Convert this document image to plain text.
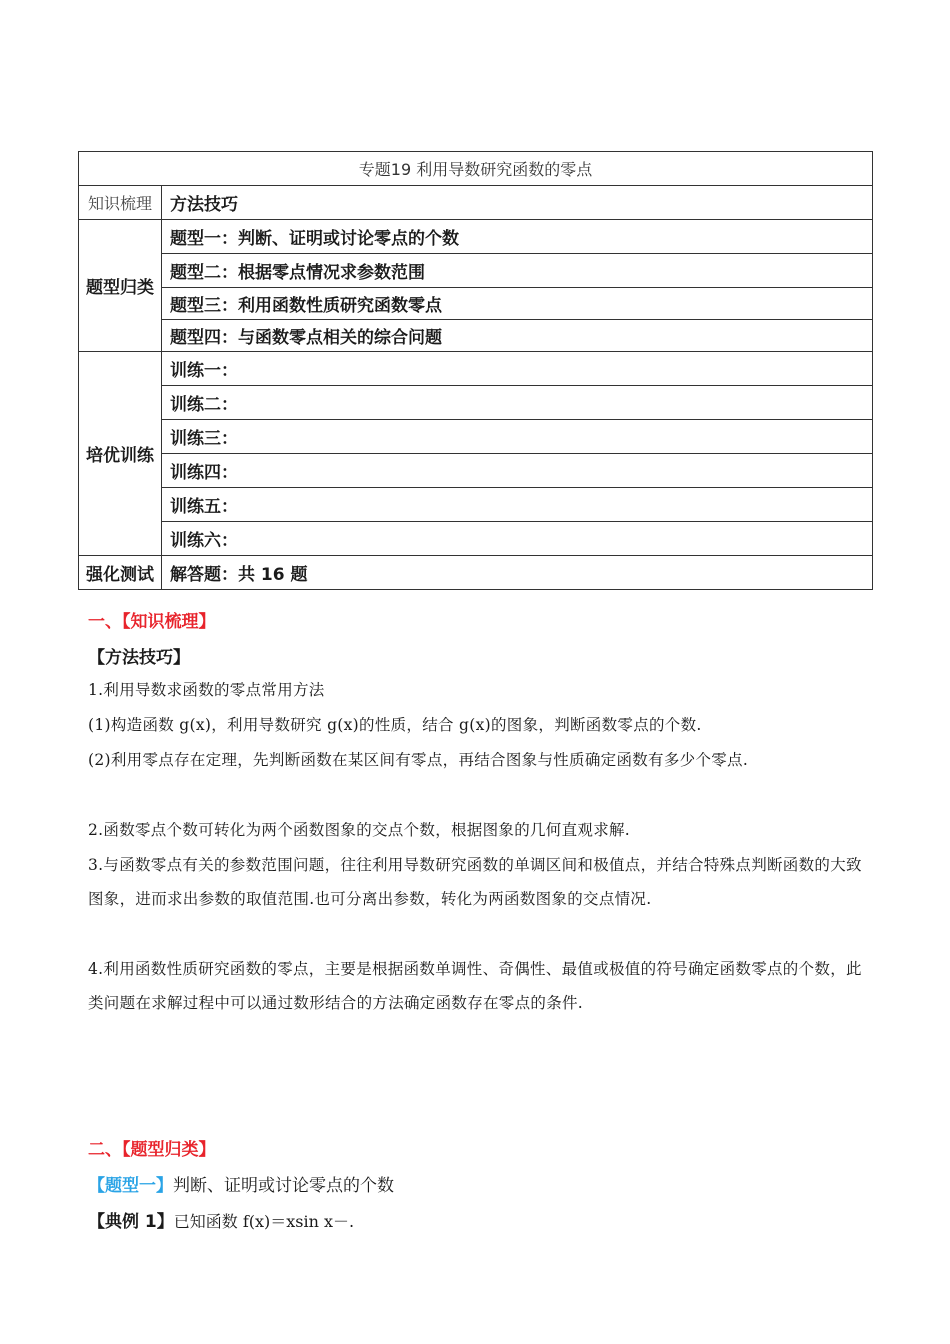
专题19 利用导数研究函数的零点	
知识梳理	方法技巧
题型归类	题型一：判断、证明或讨论零点的个数
	题型二：根据零点情况求参数范围
	题型三：利用函数性质研究函数零点
	题型四：与函数零点相关的综合问题
培优训练	训练一：
	训练二：
	训练三：
	训练四：
	训练五：
	训练六：
强化测试	解答题：共 16 题
一、【知识梳理】
【方法技巧】
1.利用导数求函数的零点常用方法
(1)构造函数 g(x)，利用导数研究 g(x)的性质，结合 g(x)的图象，判断函数零点的个数.
(2)利用零点存在定理，先判断函数在某区间有零点，再结合图象与性质确定函数有多少个零点.
2.函数零点个数可转化为两个函数图象的交点个数，根据图象的几何直观求解.
3.与函数零点有关的参数范围问题，往往利用导数研究函数的单调区间和极值点，并结合特殊点判断函数的大致图象，进而求出参数的取值范围.也可分离出参数，转化为两函数图象的交点情况.
4.利用函数性质研究函数的零点，主要是根据函数单调性、奇偶性、最值或极值的符号确定函数零点的个数，此类问题在求解过程中可以通过数形结合的方法确定函数存在零点的条件.
二、【题型归类】
【题型一】判断、证明或讨论零点的个数
【典例 1】已知函数 f(x)＝xsin x－.
